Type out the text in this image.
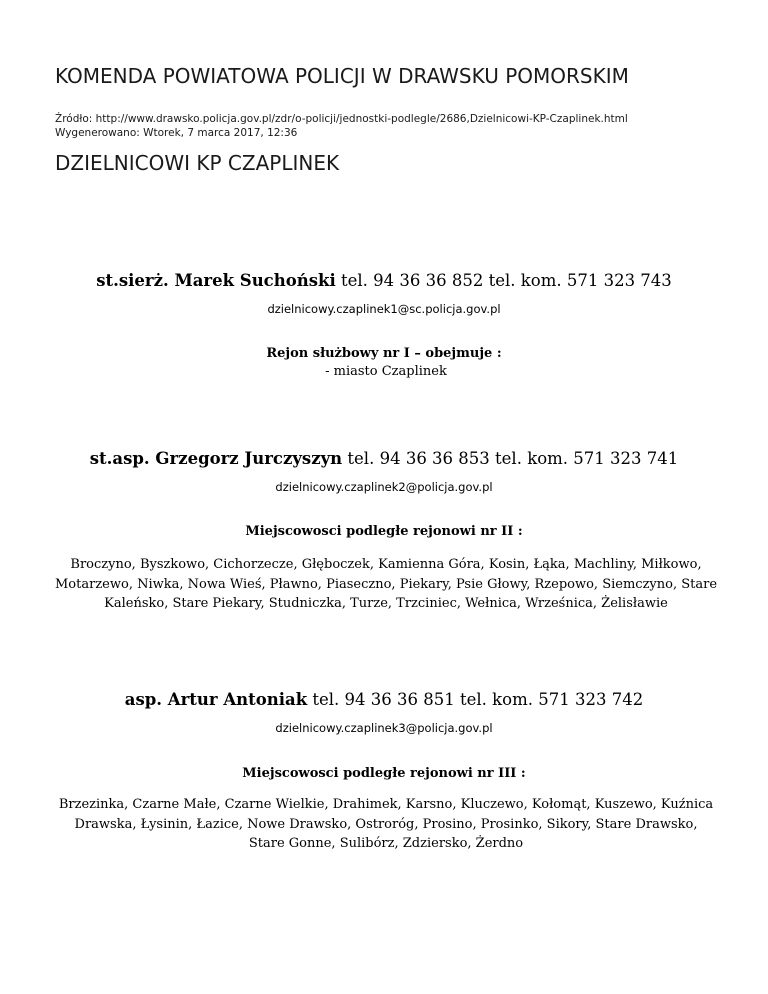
KOMENDA POWIATOWA POLICJI W DRAWSKU POMORSKIM
Źródło: http://www.drawsko.policja.gov.pl/zdr/o-policji/jednostki-podlegle/2686,Dzielnicowi-KP-Czaplinek.html
Wygenerowano: Wtorek, 7 marca 2017, 12:36
DZIELNICOWI KP CZAPLINEK
st.sierż. Marek Suchoński tel. 94 36 36 852 tel. kom. 571 323 743
dzielnicowy.czaplinek1@sc.policja.gov.pl
Rejon służbowy nr I – obejmuje :
- miasto Czaplinek
st.asp. Grzegorz Jurczyszyn tel. 94 36 36 853 tel. kom. 571 323 741
dzielnicowy.czaplinek2@policja.gov.pl
Miejscowosci podległe rejonowi nr II :
Broczyno, Byszkowo, Cichorzecze, Głęboczek, Kamienna Góra, Kosin, Łąka, Machliny, Miłkowo, Motarzewo, Niwka, Nowa Wieś, Pławno, Piaseczno, Piekary, Psie Głowy, Rzepowo, Siemczyno, Stare Kaleńsko, Stare Piekary, Studniczka, Turze, Trzciniec, Wełnica, Wrześnica, Żelisławie
asp. Artur Antoniak tel. 94 36 36 851 tel. kom. 571 323 742
dzielnicowy.czaplinek3@policja.gov.pl
Miejscowosci podległe rejonowi nr III :
Brzezinka, Czarne Małe, Czarne Wielkie, Drahimek, Karsno, Kluczewo, Kołomąt, Kuszewo, Kuźnica Drawska, Łysinin, Łazice, Nowe Drawsko, Ostroróg, Prosino, Prosinko, Sikory, Stare Drawsko, Stare Gonne, Sulibórz, Zdziersko, Żerdno
